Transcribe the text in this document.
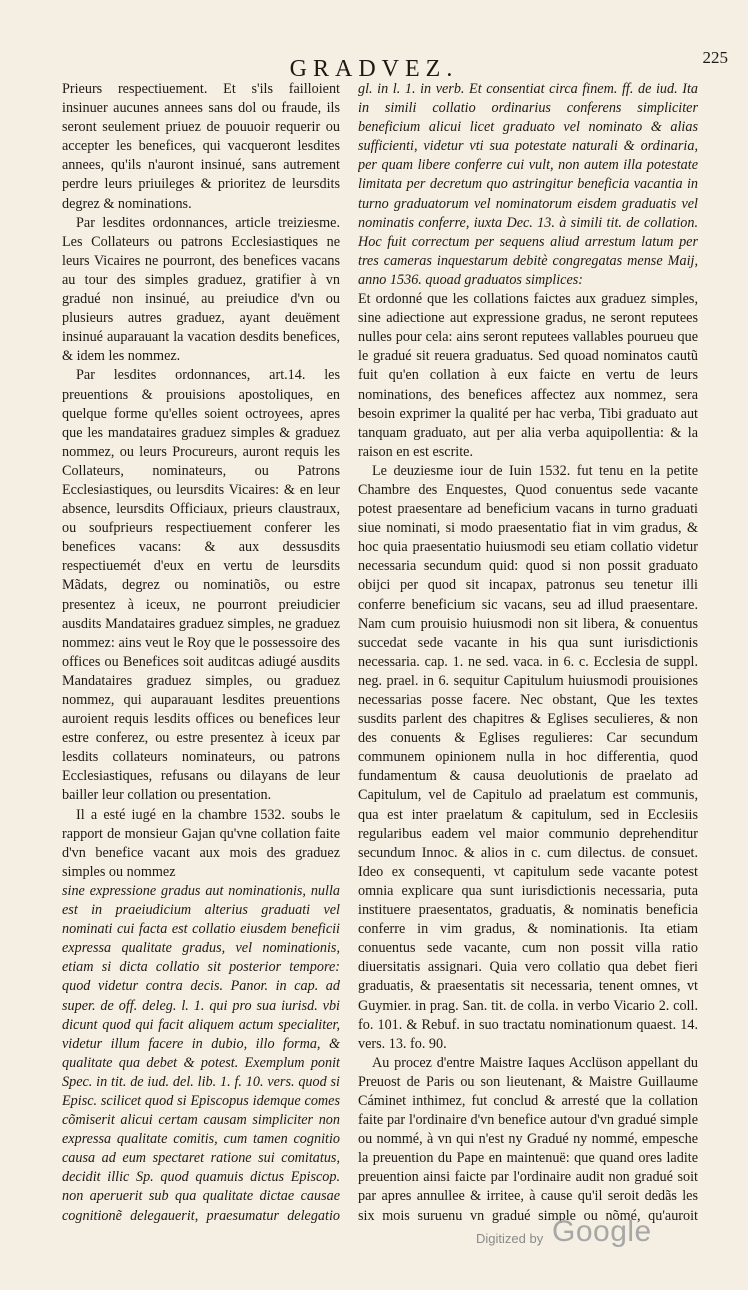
GRADVEZ.	225

Prieurs respectiuement. Et s'ils failloient insinuer aucunes annees sans dol ou fraude, ils seront seulement priuez de pouuoir requerir ou accepter les benefices, qui vacqueront lesdites annees, qu'ils n'auront insinué, sans autrement perdre leurs priuileges & prioritez de leursdits degrez & nominations.

Par lesdites ordonnances, article treiziesme. Les Collateurs ou patrons Ecclesiastiques ne leurs Vicaires ne pourront, des benefices vacans au tour des simples graduez, gratifier à vn gradué non insinué, au preiudice d'vn ou plusieurs autres graduez, ayant deuëment insinué auparauant la vacation desdits benefices, & idem les nommez.

Par lesdites ordonnances, art.14. les preuentions & prouisions apostoliques, en quelque forme qu'elles soient octroyees, apres que les mandataires graduez simples & graduez nommez, ou leurs Procureurs, auront requis les Collateurs, nominateurs, ou Patrons Ecclesiastiques, ou leursdits Vicaires: & en leur absence, leursdits Officiaux, prieurs claustraux, ou soufprieurs respectiuement conferer les benefices vacans: & aux dessusdits respectiuemét d'eux en vertu de leursdits Mãdats, degrez ou nominatiõs, ou estre presentez à iceux, ne pourront preiudicier ausdits Mandataires graduez simples, ne graduez nommez: ains veut le Roy que le possessoire des offices ou Benefices soit auditcas adiugé ausdits Mandataires graduez simples, ou graduez nommez, qui auparauant lesdites preuentions auroient requis lesdits offices ou benefices leur estre conferez, ou estre presentez à iceux par lesdits collateurs nominateurs, ou patrons Ecclesiastiques, refusans ou dilayans de leur bailler leur collation ou presentation.

Il a esté iugé en la chambre 1532. soubs le rapport de monsieur Gajan qu'vne collation faite d'vn benefice vacant aux mois des graduez simples ou nommez

sine expressione gradus aut nominationis, nulla est in praeiudicium alterius graduati vel nominati cui facta est collatio eiusdem beneficii expressa qualitate gradus, vel nominationis, etiam si dicta collatio sit posterior tempore: quod videtur contra decis. Panor. in cap. ad super. de off. deleg. l. 1. qui pro sua iurisd. vbi dicunt quod qui facit aliquem actum specialiter, videtur illum facere in dubio, illo forma, & qualitate qua debet & potest. Exemplum ponit Spec. in tit. de iud. del. lib. 1. f. 10. vers. quod si Episc. scilicet quod si Episcopus idemque comes cõmiserit alicui certam causam simpliciter non expressa qualitate comitis, cum tamen cognitio causa ad eum spectaret ratione sui comitatus, decidit illic Sp. quod quamuis dictus Episcop. non aperuerit sub qua qualitate dictae causae cognitionẽ delegauerit, praesumatur delegatio

gl. in l. 1. in verb. Et consentiat circa finem. ff. de iud. Ita in simili collatio ordinarius conferens simpliciter beneficium alicui licet graduato vel nominato & alias sufficienti, videtur vti sua potestate naturali & ordinaria, per quam libere conferre cui vult, non autem illa potestate limitata per decretum quo astringitur beneficia vacantia in turno graduatorum vel nominatorum eisdem graduatis vel nominatis conferre, iuxta Dec. 13. à simili tit. de collation. Hoc fuit correctum per sequens aliud arrestum latum per tres cameras inquestarum debitè congregatas mense Maij, anno 1536. quoad graduatos simplices:

Et ordonné que les collations faictes aux graduez simples, sine adiectione aut expressione gradus, ne seront reputees nulles pour cela: ains seront reputees vallables pourueu que le gradué sit reuera graduatus. Sed quoad nominatos cautũ fuit qu'en collation à eux faicte en vertu de leurs nominations, des benefices affectez aux nommez, sera besoin exprimer la qualité per hac verba, Tibi graduato aut tanquam graduato, aut per alia verba aquipollentia: & la raison en est escrite.

Le deuziesme iour de Iuin 1532. fut tenu en la petite Chambre des Enquestes, Quod conuentus sede vacante potest praesentare ad beneficium vacans in turno graduati siue nominati, si modo praesentatio fiat in vim gradus, & hoc quia praesentatio huiusmodi seu etiam collatio videtur necessaria secundum quid: quod si non possit graduato obijci per quod sit incapax, patronus seu tenetur illi conferre beneficium sic vacans, seu ad illud praesentare. Nam cum prouisio huiusmodi non sit libera, & conuentus succedat sede vacante in his qua sunt iurisdictionis necessaria. cap. 1. ne sed. vaca. in 6. c. Ecclesia de suppl. neg. prael. in 6. sequitur Capitulum huiusmodi prouisiones necessarias posse facere. Nec obstant, Que les textes susdits parlent des chapitres & Eglises seculieres, & non des conuents & Eglises regulieres: Car secundum communem opinionem nulla in hoc differentia, quod fundamentum & causa deuolutionis de praelato ad Capitulum, vel de Capitulo ad praelatum est communis, qua est inter praelatum & capitulum, sed in Ecclesiis regularibus eadem vel maior communio deprehenditur secundum Innoc. & alios in c. cum dilectus. de consuet. Ideo ex consequenti, vt capitulum sede vacante potest omnia explicare qua sunt iurisdictionis necessaria, puta instituere praesentatos, graduatis, & nominatis beneficia conferre in vim gradus, & nominationis. Ita etiam conuentus sede vacante, cum non possit villa ratio diuersitatis assignari. Quia vero collatio qua debet fieri graduatis, & praesentatis sit necessaria, tenent omnes, vt Guymier. in prag. San. tit. de colla. in verbo Vicario 2. coll. fo. 101. & Rebuf. in suo tractatu nominationum quaest. 14. vers. 13. fo. 90.

Au procez d'entre Maistre Iaques Acclüson appellant du Preuost de Paris ou son lieutenant, & Maistre Guillaume Cáminet inthimez, fut conclud & arresté que la collation faite par l'ordinaire d'vn benefice autour d'vn gradué simple ou nommé, à vn qui n'est ny Gradué ny nommé, empesche la preuention du Pape en maintenuë: que quand ores ladite preuention ainsi faicte par l'ordinaire audit non gradué soit par apres annullee & irritee, à cause qu'il seroit dedãs les six mois suruenu vn gradué simple ou nõmé, qu'auroit

Digitized by Google
